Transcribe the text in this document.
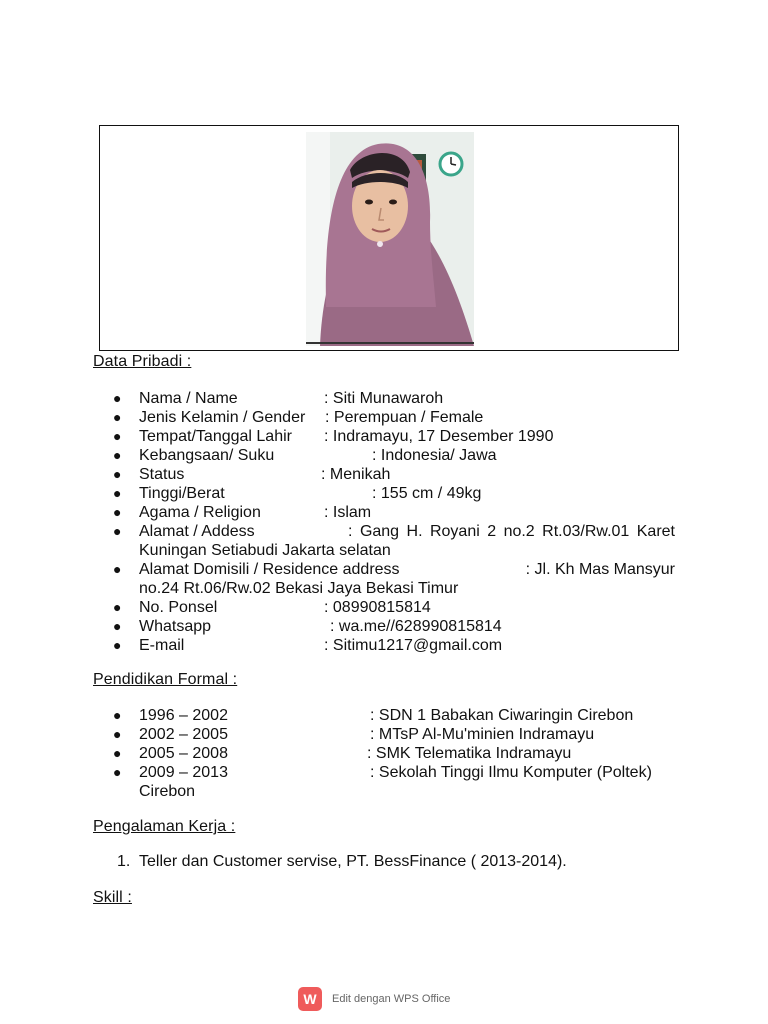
Data Pribadi :
● Nama / Name	: Siti Munawaroh
● Jenis Kelamin / Gender : Perempuan / Female
● Tempat/Tanggal Lahir : Indramayu, 17 Desember 1990
● Kebangsaan/ Suku	: Indonesia/ Jawa
● Status	: Menikah
● Tinggi/Berat	: 155 cm / 49kg
● Agama / Religion	: Islam
● Alamat / Addess	: Gang H. Royani 2 no.2 Rt.03/Rw.01 Karet
Kuningan Setiabudi Jakarta selatan
● Alamat Domisili / Residence address	: Jl. Kh Mas Mansyur
no.24 Rt.06/Rw.02 Bekasi Jaya Bekasi Timur
● No. Ponsel	: 08990815814
● Whatsapp	: wa.me//628990815814
● E-mail	: Sitimu1217@gmail.com
Pendidikan Formal :
● 1996 – 2002	: SDN 1 Babakan Ciwaringin Cirebon
● 2002 – 2005	: MTsP Al-Mu'minien Indramayu
● 2005 – 2008	: SMK Telematika Indramayu
● 2009 – 2013	: Sekolah Tinggi Ilmu Komputer (Poltek)
Cirebon
Pengalaman Kerja :
1. Teller dan Customer servise, PT. BessFinance ( 2013-2014).
Skill :
W	Edit dengan WPS Office
